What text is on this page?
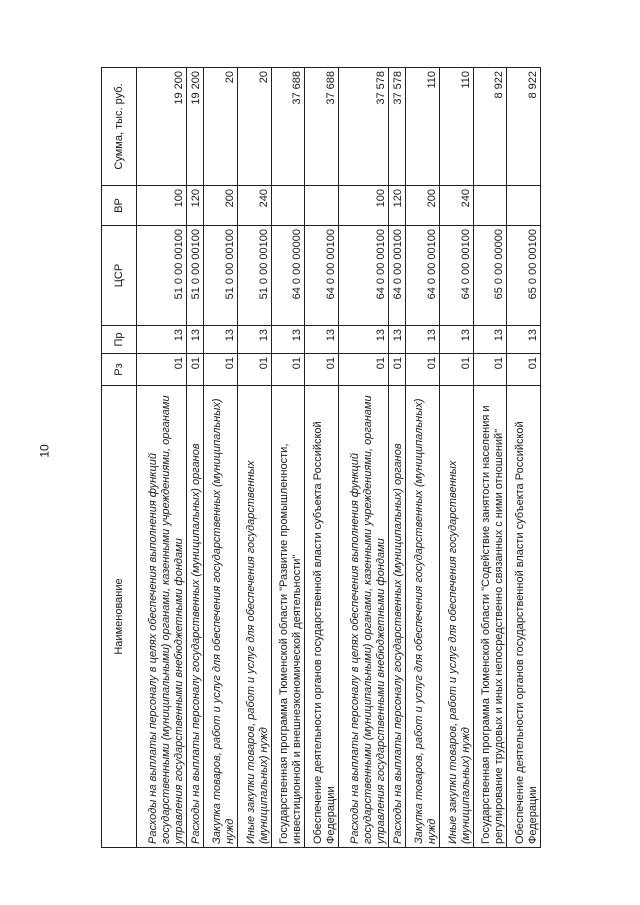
10
Наименование	Рз	Пр	ЦСР	ВР	Сумма, тыс. руб.
Расходы на выплаты персоналу в целях обеспечения выполнения функций государственными (муниципальными) органами, казенными учреждениями, органами управления государственными внебюджетными фондами	01	13	51 0 00 00100	100	19 200
Расходы на выплаты персоналу государственных (муниципальных) органов	01	13	51 0 00 00100	120	19 200
Закупка товаров, работ и услуг для обеспечения государственных (муниципальных) нужд	01	13	51 0 00 00100	200	20
Иные закупки товаров, работ и услуг для обеспечения государственных (муниципальных) нужд	01	13	51 0 00 00100	240	20
Государственная программа Тюменской области "Развитие промышленности, инвестиционной и внешнеэкономической деятельности"	01	13	64 0 00 00000		37 688
Обеспечение деятельности органов государственной власти субъекта Российской Федерации	01	13	64 0 00 00100		37 688
Расходы на выплаты персоналу в целях обеспечения выполнения функций государственными (муниципальными) органами, казенными учреждениями, органами управления государственными внебюджетными фондами	01	13	64 0 00 00100	100	37 578
Расходы на выплаты персоналу государственных (муниципальных) органов	01	13	64 0 00 00100	120	37 578
Закупка товаров, работ и услуг для обеспечения государственных (муниципальных) нужд	01	13	64 0 00 00100	200	110
Иные закупки товаров, работ и услуг для обеспечения государственных (муниципальных) нужд	01	13	64 0 00 00100	240	110
Государственная программа Тюменской области "Содействие занятости населения и регулирование трудовых и иных непосредственно связанных с ними отношений"	01	13	65 0 00 00000		8 922
Обеспечение деятельности органов государственной власти субъекта Российской Федерации	01	13	65 0 00 00100		8 922
